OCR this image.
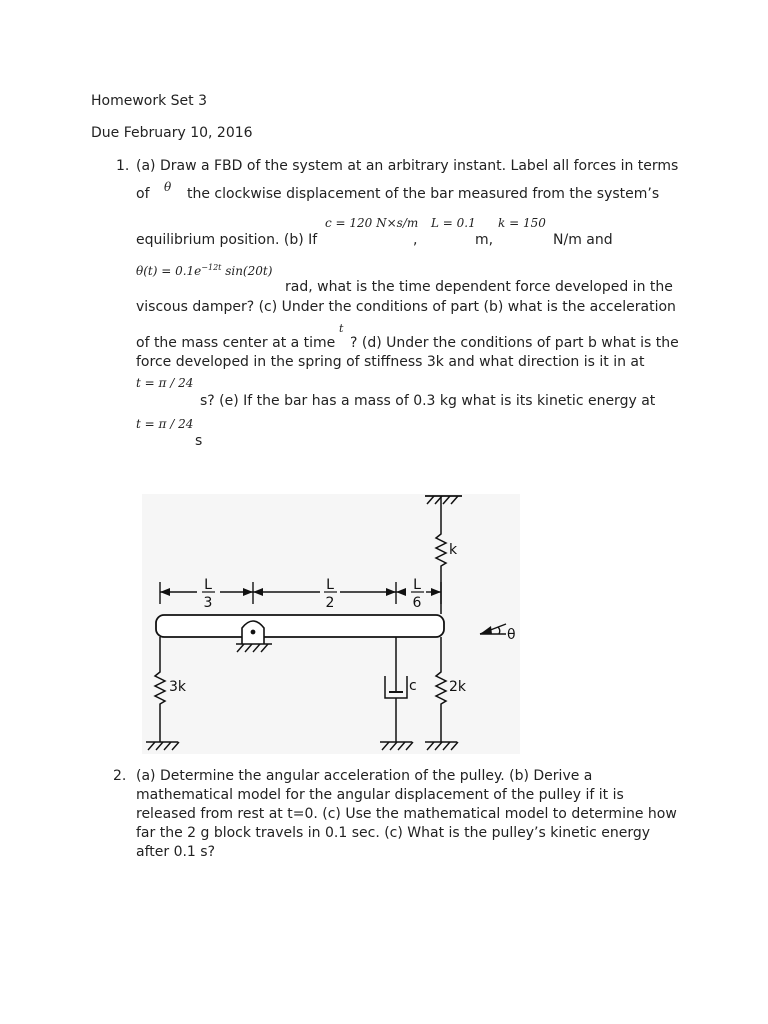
Homework Set 3
Due February 10, 2016
1. (a) Draw a FBD of the system at an arbitrary instant. Label all forces in terms
of θ the clockwise displacement of the bar measured from the system’s
c = 120 N×s/m L = 0.1 k = 150
equilibrium position. (b) If	,	m,	N/m and
$\theta(t) = 0.1e^{-12t}$ sin(20t)
rad, what is the time dependent force developed in the
viscous damper? (c) Under the conditions of part (b) what is the acceleration
t
of the mass center at a time ? (d) Under the conditions of part b what is the
force developed in the spring of stiffness 3k and what direction is it in at
t = π / 24
s? (e) If the bar has a mass of 0.3 kg what is its kinetic energy at
t = π / 24
s
k
L
3
L
2
L
6
3k	c 2k
θ
2. (a) Determine the angular acceleration of the pulley. (b) Derive a
mathematical model for the angular displacement of the pulley if it is
released from rest at t=0. (c) Use the mathematical model to determine how
far the 2 g block travels in 0.1 sec. (c) What is the pulley’s kinetic energy
after 0.1 s?
